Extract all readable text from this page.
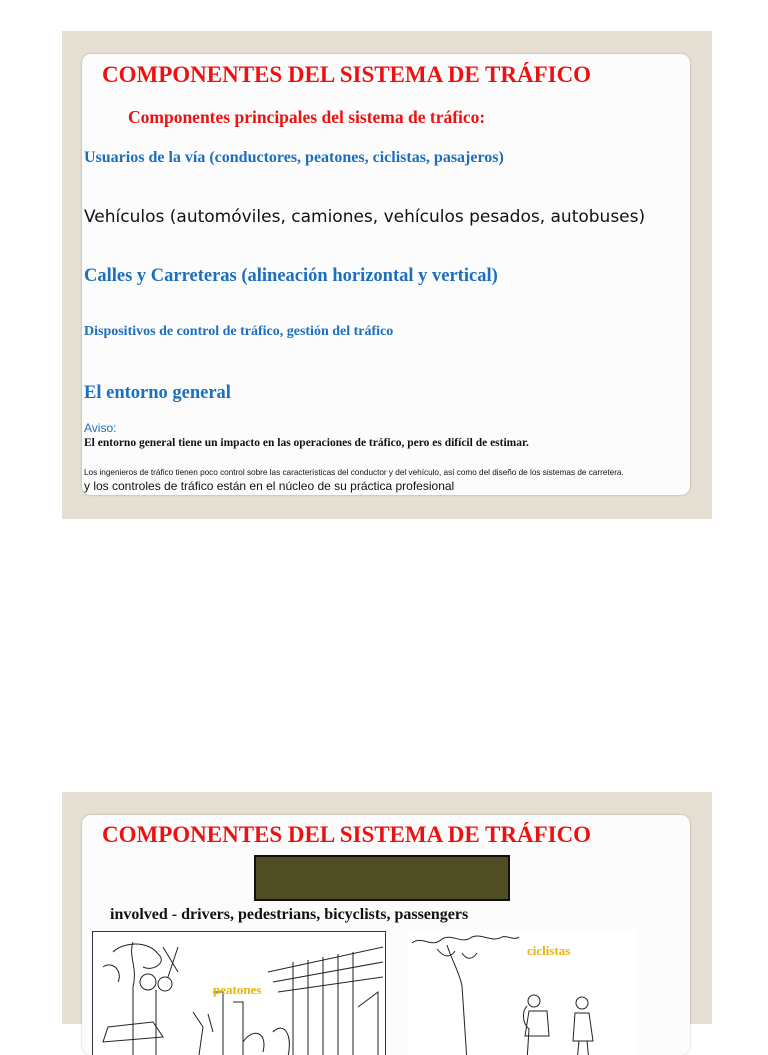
COMPONENTES DEL SISTEMA DE TRÁFICO
Componentes principales del sistema de tráfico:
Usuarios de la vía (conductores, peatones, ciclistas, pasajeros)
Vehículos (automóviles, camiones, vehículos pesados, autobuses)
Calles y Carreteras (alineación horizontal y vertical)
Dispositivos de control de tráfico, gestión del tráfico
El entorno general
Aviso:
El entorno general tiene un impacto en las operaciones de tráfico, pero es difícil de estimar.
Los ingenieros de tráfico tienen poco control sobre las características del conductor y del vehículo, así como del diseño de los sistemas de carretera.
y los controles de tráfico están en el núcleo de su práctica profesional
COMPONENTES DEL SISTEMA DE TRÁFICO
involved - drivers, pedestrians, bicyclists, passengers
peatones
ciclistas
